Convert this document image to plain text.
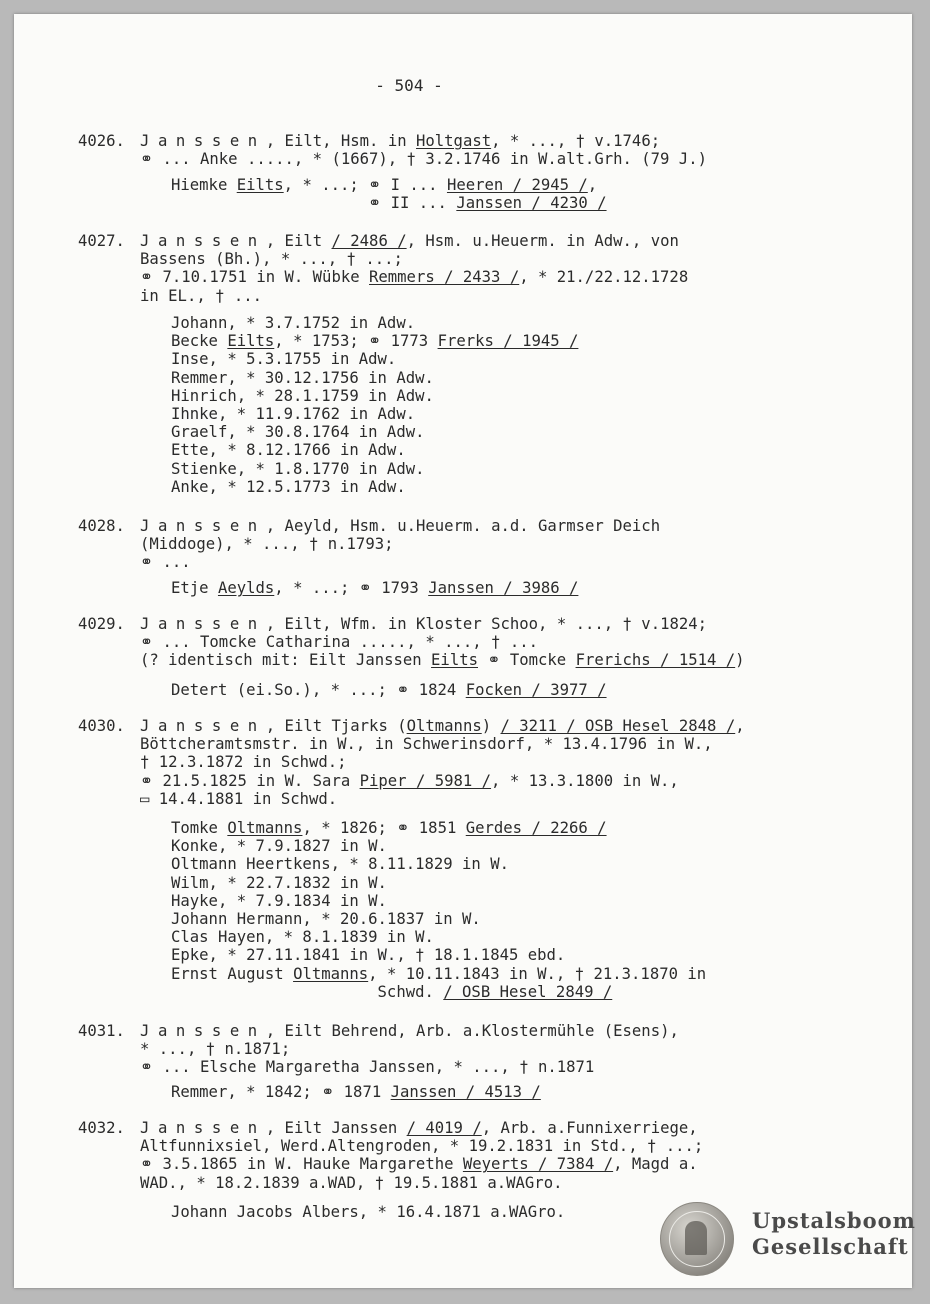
- 504 -
4026. Janssen, Eilt, Hsm. in Holtgast, * ..., † v.1746;
⚭ ... Anke ....., * (1667), † 3.2.1746 in W.alt.Grh. (79 J.)
Hiemke Eilts, * ...; ⚭ I ... Heeren / 2945 /,
⚭ II ... Janssen / 4230 /
4027. Janssen, Eilt / 2486 /, Hsm. u.Heuerm. in Adw., von
Bassens (Bh.), * ..., † ...;
⚭ 7.10.1751 in W. Wübke Remmers / 2433 /, * 21./22.12.1728
in EL., † ...
Johann, * 3.7.1752 in Adw.
Becke Eilts, * 1753; ⚭ 1773 Frerks / 1945 /
Inse, * 5.3.1755 in Adw.
Remmer, * 30.12.1756 in Adw.
Hinrich, * 28.1.1759 in Adw.
Ihnke, * 11.9.1762 in Adw.
Graelf, * 30.8.1764 in Adw.
Ette, * 8.12.1766 in Adw.
Stienke, * 1.8.1770 in Adw.
Anke, * 12.5.1773 in Adw.
4028. Janssen, Aeyld, Hsm. u.Heuerm. a.d. Garmser Deich
(Middoge), * ..., † n.1793;
⚭ ...
Etje Aeylds, * ...; ⚭ 1793 Janssen / 3986 /
4029. Janssen, Eilt, Wfm. in Kloster Schoo, * ..., † v.1824;
⚭ ... Tomcke Catharina ....., * ..., † ...
(? identisch mit: Eilt Janssen Eilts ⚭ Tomcke Frerichs / 1514 /)
Detert (ei.So.), * ...; ⚭ 1824 Focken / 3977 /
4030. Janssen, Eilt Tjarks (Oltmanns) / 3211 / OSB Hesel 2848 /,
Böttcheramtsmstr. in W., in Schwerinsdorf, * 13.4.1796 in W.,
† 12.3.1872 in Schwd.;
⚭ 21.5.1825 in W. Sara Piper / 5981 /, * 13.3.1800 in W.,
▭ 14.4.1881 in Schwd.
Tomke Oltmanns, * 1826; ⚭ 1851 Gerdes / 2266 /
Konke, * 7.9.1827 in W.
Oltmann Heertkens, * 8.11.1829 in W.
Wilm, * 22.7.1832 in W.
Hayke, * 7.9.1834 in W.
Johann Hermann, * 20.6.1837 in W.
Clas Hayen, * 8.1.1839 in W.
Epke, * 27.11.1841 in W., † 18.1.1845 ebd.
Ernst August Oltmanns, * 10.11.1843 in W., † 21.3.1870 in
Schwd. / OSB Hesel 2849 /
4031. Janssen, Eilt Behrend, Arb. a.Klostermühle (Esens),
* ..., † n.1871;
⚭ ... Elsche Margaretha Janssen, * ..., † n.1871
Remmer, * 1842; ⚭ 1871 Janssen / 4513 /
4032. Janssen, Eilt Janssen / 4019 /, Arb. a.Funnixerriege,
Altfunnixsiel, Werd.Altengroden, * 19.2.1831 in Std., † ...;
⚭ 3.5.1865 in W. Hauke Margarethe Weyerts / 7384 /, Magd a.
WAD., * 18.2.1839 a.WAD, † 19.5.1881 a.WAGro.
Johann Jacobs Albers, * 16.4.1871 a.WAGro.	Upstalsboom
Gesellschaft
